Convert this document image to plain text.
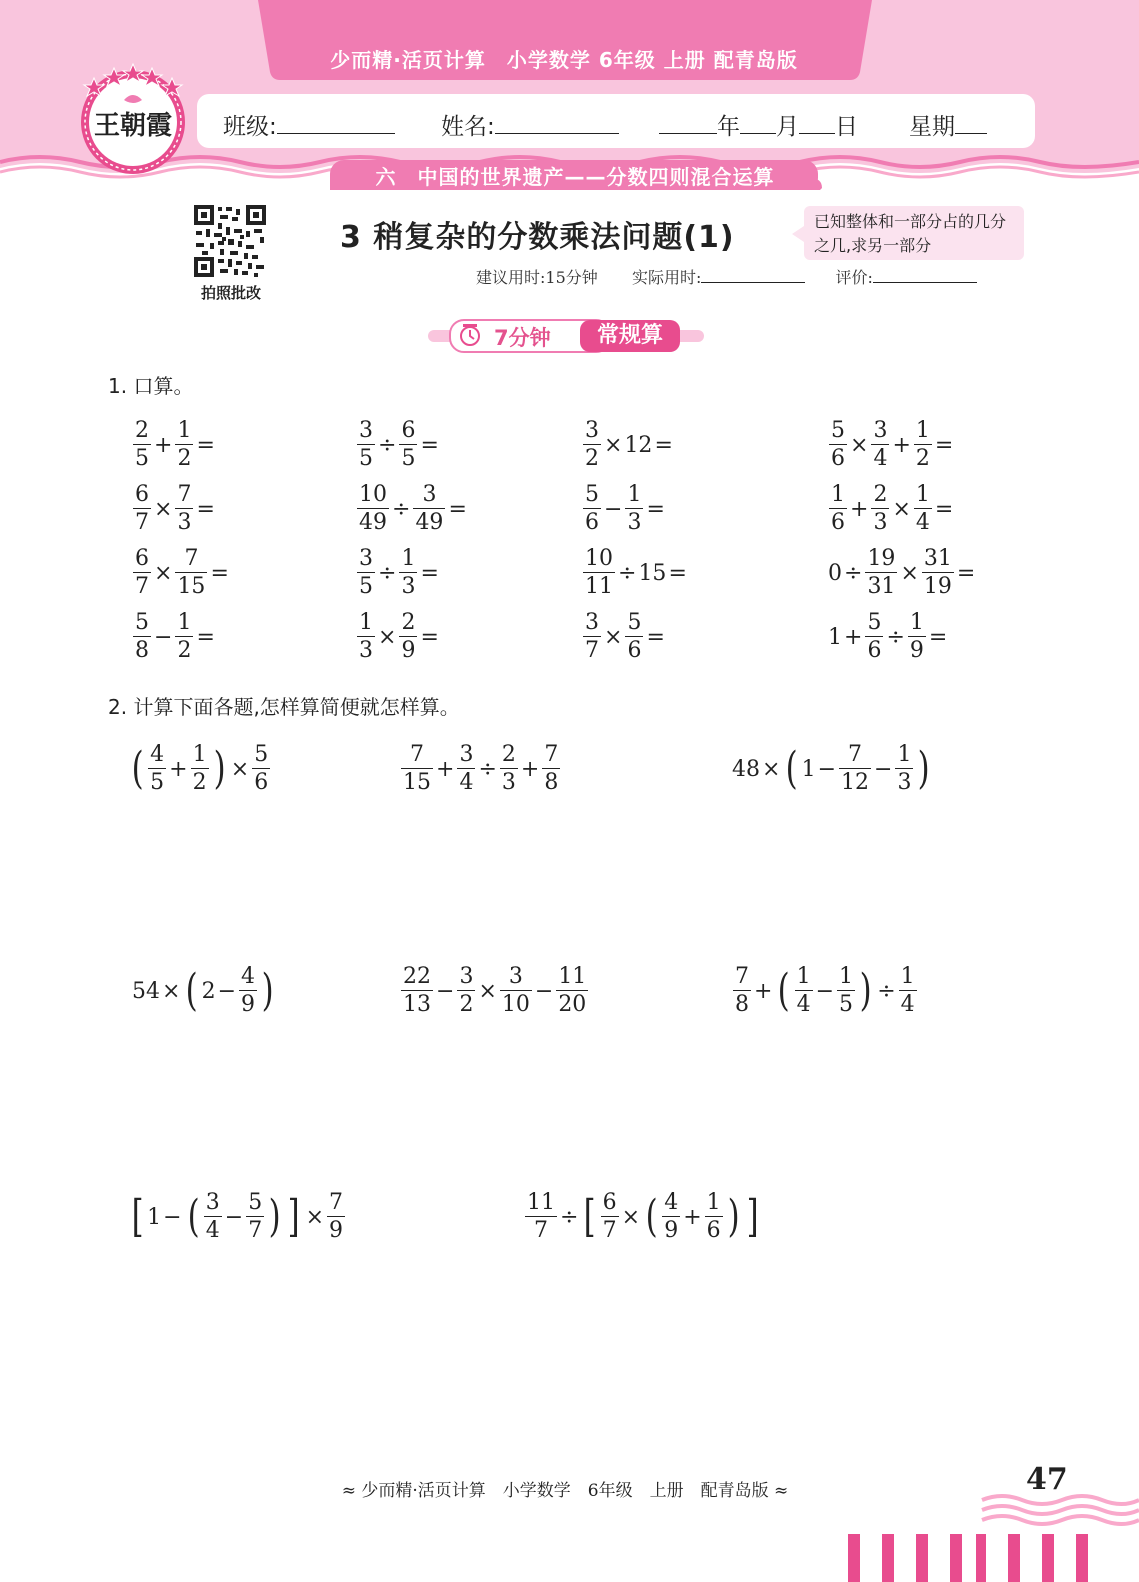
少而精·活页计算　小学数学 6年级 上册 配青岛版
班级:	姓名:	年 月 日 星期
六　中国的世界遗产——分数四则混合运算
王朝霞
拍照批改
3 稍复杂的分数乘法问题(1)	已知整体和一部分占的几分之几,求另一部分
建议用时:15分钟 实际用时:	评价:
7分钟	常规算
1. 口算。
$\frac{2}{5} + \frac{1}{2}$ =	$\frac{3}{5} \div \frac{6}{5}$ =	$\frac{3}{2} \times 12$ =	$\frac{5}{6} \times \frac{3}{4} + \frac{1}{2}$ =
$\frac{6}{7} \times \frac{7}{3}$ =	$\frac{10}{49} \div \frac{3}{49}$ =	$\frac{5}{6} - \frac{1}{3}$ =	$\frac{1}{6} + \frac{2}{3} \times \frac{1}{4}$ =
$\frac{6}{7} \times \frac{7}{15}$ =	$\frac{3}{5} \div \frac{1}{3}$ =	$\frac{10}{11} \div 15$ =	$0 \div \frac{19}{31} \times \frac{31}{19}$ =
$\frac{5}{8} - \frac{1}{2}$ =	$\frac{1}{3} \times \frac{2}{9}$ =	$\frac{3}{7} \times \frac{5}{6}$ =	$1 + \frac{5}{6} \div \frac{1}{9}$ =
2. 计算下面各题,怎样算简便就怎样算。
( $\frac{4}{5} + \frac{1}{2}$ ) × $\frac{5}{6}$	$\frac{7}{15} + \frac{3}{4} \div \frac{2}{3} + \frac{7}{8}$	48 × ( $1 - \frac{7}{12} - \frac{1}{3}$ )
54 × ( $2 - \frac{4}{9}$ )	$\frac{22}{13} - \frac{3}{2} \times \frac{3}{10} - \frac{11}{20}$	$\frac{7}{8}$ + ( $\frac{1}{4} - \frac{1}{5}$ ) ÷ $\frac{1}{4}$
[ 1 − ( $\frac{3}{4} - \frac{5}{7}$ ) ] × $\frac{7}{9}$	$\frac{11}{7}$ ÷ [ $\frac{6}{7}$ × ( $\frac{4}{9} + \frac{1}{6}$ ) ]
≈ 少而精·活页计算　小学数学　6年级　上册　配青岛版 ≈	47
